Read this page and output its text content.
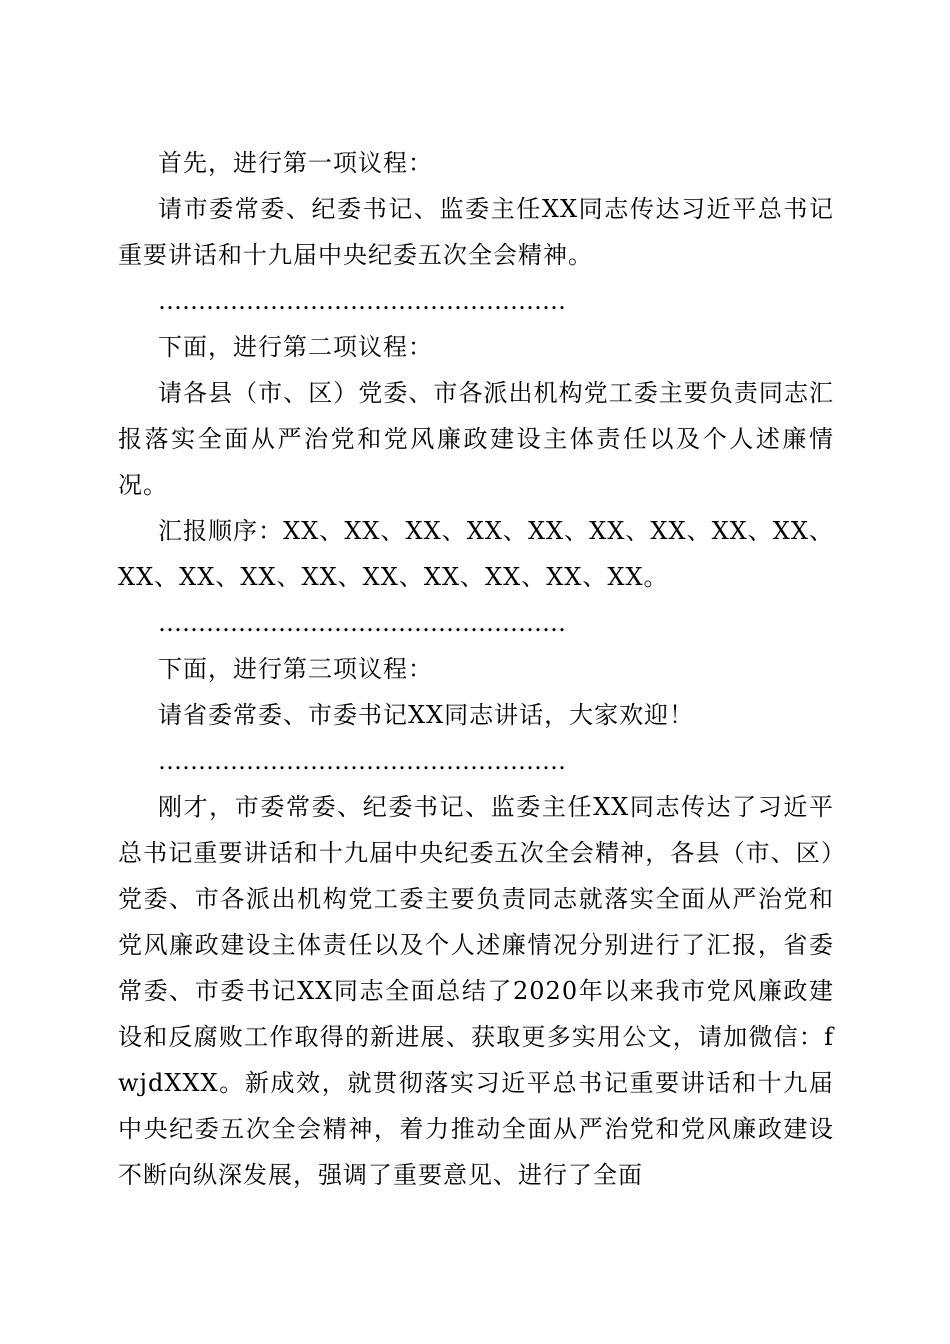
首先，进行第一项议程：

请市委常委、纪委书记、监委主任XX同志传达习近平总书记重要讲话和十九届中央纪委五次全会精神。

……………………………………………

下面，进行第二项议程：

请各县（市、区）党委、市各派出机构党工委主要负责同志汇报落实全面从严治党和党风廉政建设主体责任以及个人述廉情况。

汇报顺序：XX、XX、XX、XX、XX、XX、XX、XX、XX、XX、XX、XX、XX、XX、XX、XX、XX、XX。

……………………………………………

下面，进行第三项议程：

请省委常委、市委书记XX同志讲话，大家欢迎！

……………………………………………

刚才，市委常委、纪委书记、监委主任XX同志传达了习近平总书记重要讲话和十九届中央纪委五次全会精神，各县（市、区）党委、市各派出机构党工委主要负责同志就落实全面从严治党和党风廉政建设主体责任以及个人述廉情况分别进行了汇报，省委常委、市委书记XX同志全面总结了2020年以来我市党风廉政建设和反腐败工作取得的新进展、获取更多实用公文，请加微信：fwjdXXX。新成效，就贯彻落实习近平总书记重要讲话和十九届中央纪委五次全会精神，着力推动全面从严治党和党风廉政建设不断向纵深发展，强调了重要意见、进行了全面
